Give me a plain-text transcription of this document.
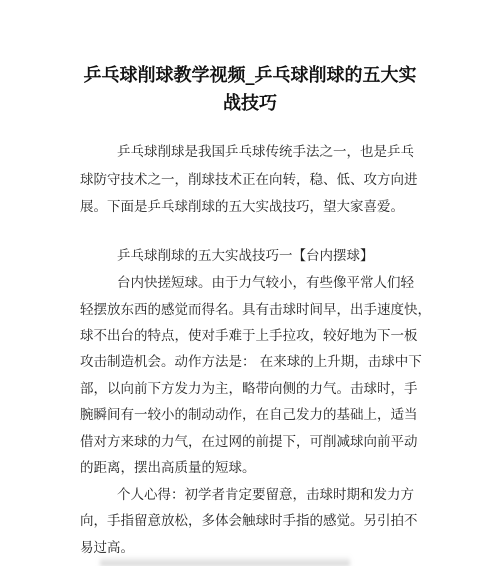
乒乓球削球教学视频_乒乓球削球的五大实
战技巧

乒乓球削球是我国乒乓球传统手法之一，也是乒乓

球防守技术之一，削球技术正在向转，稳、低、攻方向进

展。下面是乒乓球削球的五大实战技巧，望大家喜爱。

乒乓球削球的五大实战技巧一【台内摆球】

台内快搓短球。由于力气较小，有些像平常人们轻

轻摆放东西的感觉而得名。具有击球时间早，出手速度快，

球不出台的特点，使对手难于上手拉攻，较好地为下一板

攻击制造机会。动作方法是： 在来球的上升期，击球中下

部，以向前下方发力为主，略带向侧的力气。击球时，手

腕瞬间有一较小的制动动作，在自己发力的基础上，适当

借对方来球的力气，在过网的前提下，可削减球向前平动

的距离，摆出高质量的短球。

个人心得：初学者肯定要留意，击球时期和发力方

向，手指留意放松，多体会触球时手指的感觉。另引拍不

易过高。
